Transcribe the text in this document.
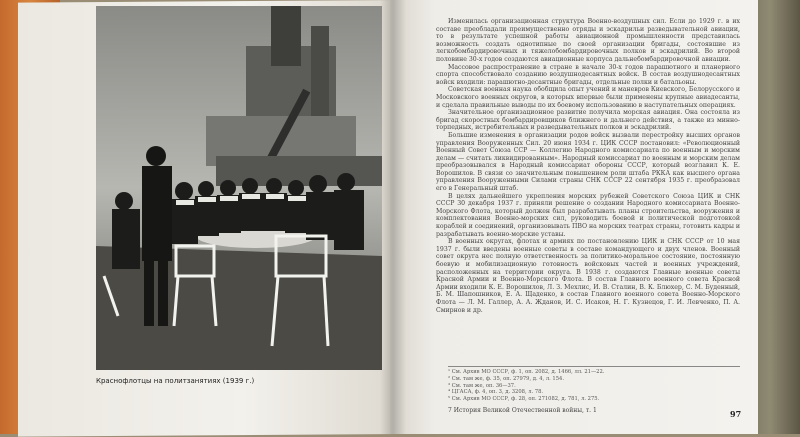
Краснофлотцы на политзанятиях (1939 г.)

Изменилась организационная структура Военно-воздушных сил. Если до 1929 г. в их составе преобладали преимущественно отряды и эскадрильи разведывательной авиации, то в результате успешной работы авиационной промышленности представилась возможность создать однотипные по своей организации бригады, состоявшие из легкобомбардировочных и тяжелобомбардировочных полков и эскадрилий. Во второй половине 30-х годов создаются авиационные корпуса дальнебомбардировочной авиации.

Массовое распространение в стране в начале 30-х годов парашютного и планерного спорта способствовало созданию воздушнодесантных войск. В состав воздушнодесантных войск входили: парашютно-десантные бригады, отдельные полки и батальоны.

Советская военная наука обобщила опыт учений и маневров Киевского, Белорусского и Московского военных округов, в которых впервые были применены крупные авиадесанты, и сделала правильные выводы по их боевому использованию в наступательных операциях.

Значительное организационное развитие получила морская авиация. Она состояла из бригад скоростных бомбардировщиков ближнего и дальнего действия, а также из минно-торпедных, истребительных и разведывательных полков и эскадрилий.

Большие изменения в организации родов войск вызвали перестройку высших органов управления Вооруженных Сил. 20 июня 1934 г. ЦИК СССР постановил: «Революционный Военный Совет Союза ССР — Коллегию Народного комиссариата по военным и морским делам — считать ликвидированным». Народный комиссариат по военным и морским делам преобразовывался в Народный комиссариат обороны СССР, который возглавил К. Е. Ворошилов. В связи со значительным повышением роли штаба РККА как высшего органа управления Вооруженными Силами страны СНК СССР 22 сентября 1935 г. преобразовал его в Генеральный штаб.

В целях дальнейшего укрепления морских рубежей Советского Союза ЦИК и СНК СССР 30 декабря 1937 г. приняли решение о создании Народного комиссариата Военно-Морского Флота, который должен был разрабатывать планы строительства, вооружения и комплектования Военно-морских сил, руководить боевой и политической подготовкой кораблей и соединений, организовывать ПВО на морских театрах страны, готовить кадры и разрабатывать военно-морские уставы.

В военных округах, флотах и армиях по постановлению ЦИК и СНК СССР от 10 мая 1937 г. были введены военные советы в составе командующего и двух членов. Военный совет округа нес полную ответственность за политико-моральное состояние, постоянную боевую и мобилизационную готовность войсковых частей и военных учреждений, расположенных на территории округа. В 1938 г. создаются Главные военные советы Красной Армии и Военно-Морского Флота. В состав Главного военного совета Красной Армии входили К. Е. Ворошилов, Л. З. Мехлис, И. В. Сталин, В. К. Блюхер, С. М. Буденный, Б. М. Шапошников, Е. А. Щаденко, в состав Главного военного совета Военно-Морского Флота — Л. М. Галлер, А. А. Жданов, И. С. Исаков, Н. Г. Кузнецов, Г. И. Левченко, П. А. Смирнов и др.

¹ См. Архив МО СССР, ф. 1, оп. 2082, д. 1466, лл. 21—22.
² См. там же, ф. 35, оп. 27979, д. 4, л. 154.
³ См. там же, оп. 36—37.
⁴ ЦГАСА, ф. 4, оп. 3, д. 3208, л. 78.
⁵ См. Архив МО СССР, ф. 28, оп. 271082, д. 781, л. 275.
7 История Великой Отечественной войны, т. 1	97
